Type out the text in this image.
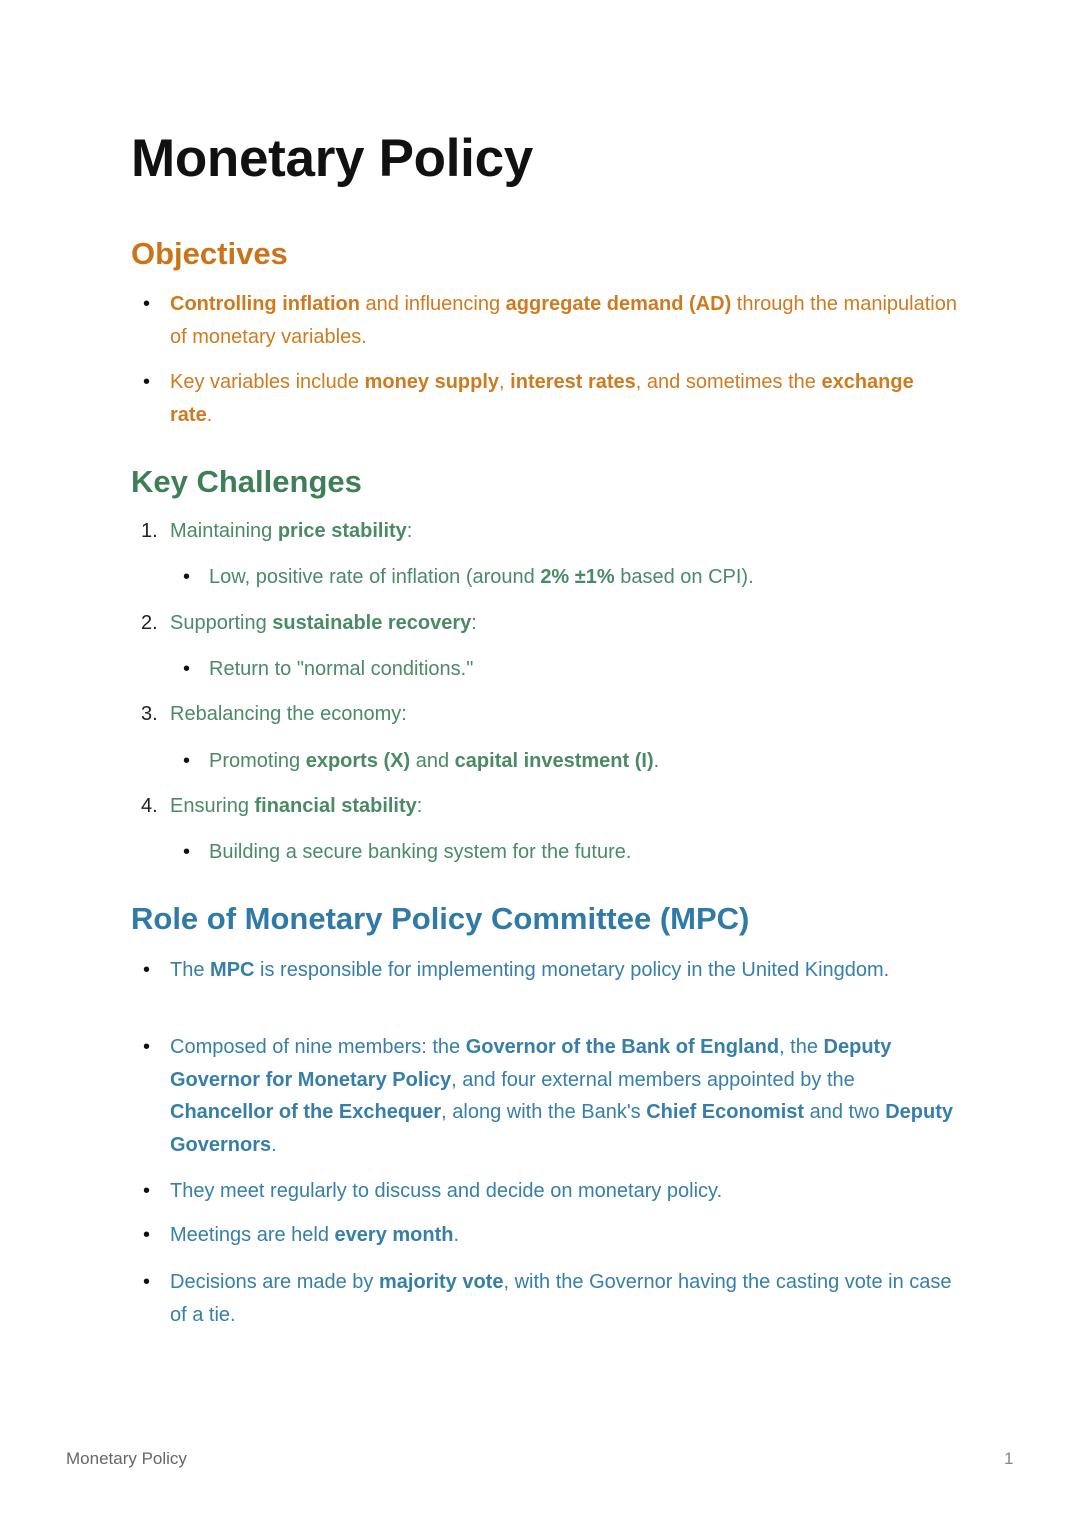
Monetary Policy
Objectives
• Controlling inflation and influencing aggregate demand (AD) through the manipulation of monetary variables.

• Key variables include money supply, interest rates, and sometimes the exchange rate.

Key Challenges
1. Maintaining price stability:

• Low, positive rate of inflation (around 2% ±1% based on CPI).

2. Supporting sustainable recovery:

• Return to "normal conditions."

3. Rebalancing the economy:

• Promoting exports (X) and capital investment (I).

4. Ensuring financial stability:

• Building a secure banking system for the future.

Role of Monetary Policy Committee (MPC)
• The MPC is responsible for implementing monetary policy in the United Kingdom.

• Composed of nine members: the Governor of the Bank of England, the Deputy Governor for Monetary Policy, and four external members appointed by the Chancellor of the Exchequer, along with the Bank's Chief Economist and two Deputy Governors.

• They meet regularly to discuss and decide on monetary policy.

• Meetings are held every month.

• Decisions are made by majority vote, with the Governor having the casting vote in case of a tie.

Monetary Policy	1
